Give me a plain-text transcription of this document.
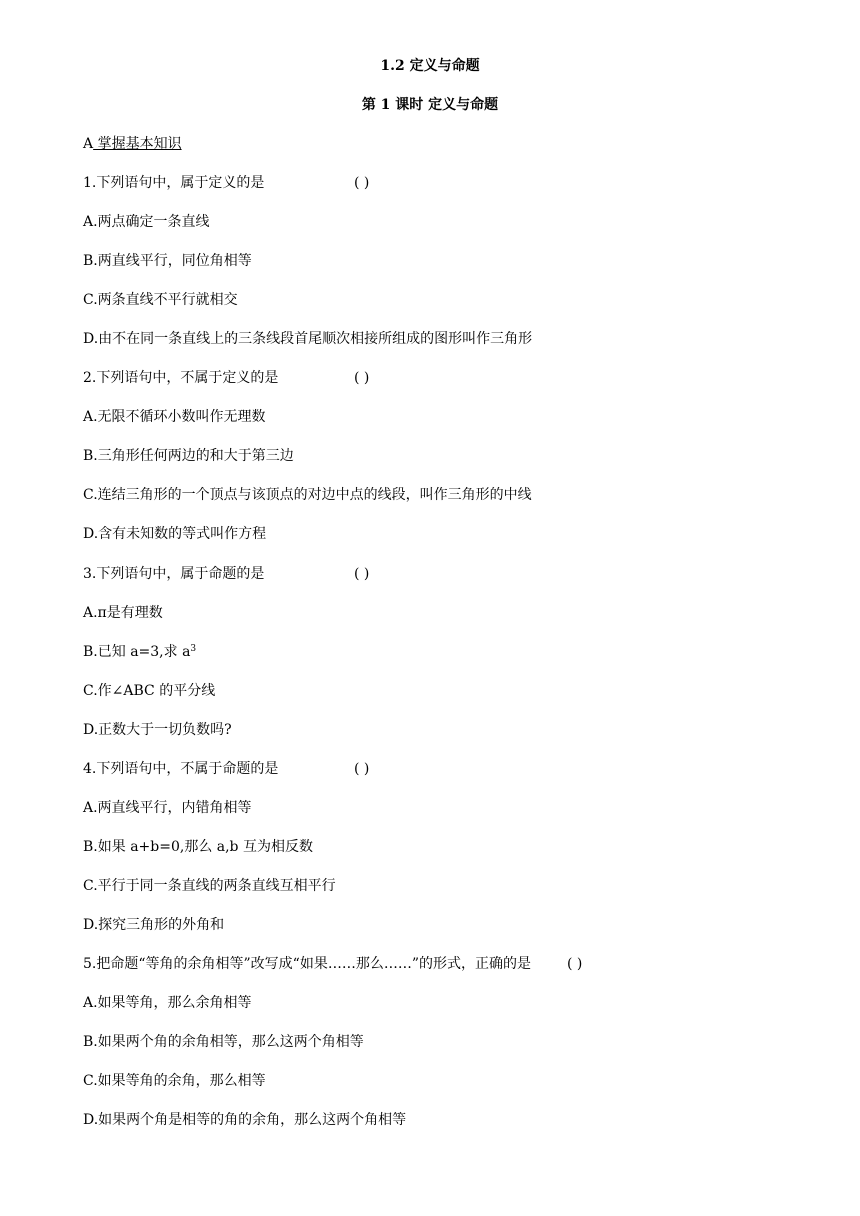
1.2 定义与命题
第 1 课时 定义与命题
A 掌握基本知识
1.下列语句中，属于定义的是	( )
A.两点确定一条直线
B.两直线平行，同位角相等
C.两条直线不平行就相交
D.由不在同一条直线上的三条线段首尾顺次相接所组成的图形叫作三角形
2.下列语句中，不属于定义的是	( )
A.无限不循环小数叫作无理数
B.三角形任何两边的和大于第三边
C.连结三角形的一个顶点与该顶点的对边中点的线段，叫作三角形的中线
D.含有未知数的等式叫作方程
3.下列语句中，属于命题的是	( )
A.π是有理数
B.已知 a=3,求 $a^3$
C.作∠ABC 的平分线
D.正数大于一切负数吗?
4.下列语句中，不属于命题的是	( )
A.两直线平行，内错角相等
B.如果 a+b=0,那么 a,b 互为相反数
C.平行于同一条直线的两条直线互相平行
D.探究三角形的外角和
5.把命题“等角的余角相等”改写成“如果……那么……”的形式，正确的是	( )
A.如果等角，那么余角相等
B.如果两个角的余角相等，那么这两个角相等
C.如果等角的余角，那么相等
D.如果两个角是相等的角的余角，那么这两个角相等
